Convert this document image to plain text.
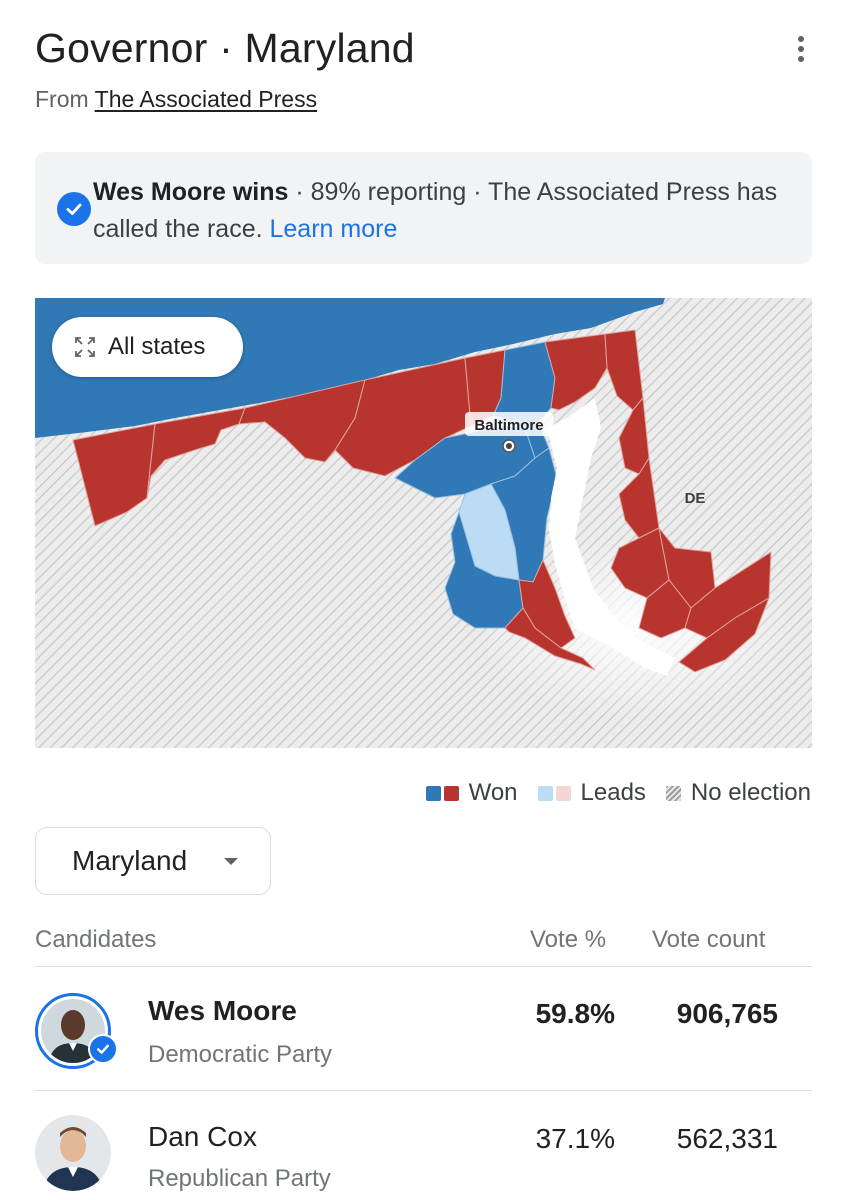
Governor · Maryland
From The Associated Press
Wes Moore wins · 89% reporting · The Associated Press has called the race. Learn more
Baltimore
DE
All states
Won	Leads No election
Maryland
Candidates	Vote % Vote count
Wes Moore
Democratic Party
59.8% 906,765
Dan Cox
Republican Party
37.1% 562,331
